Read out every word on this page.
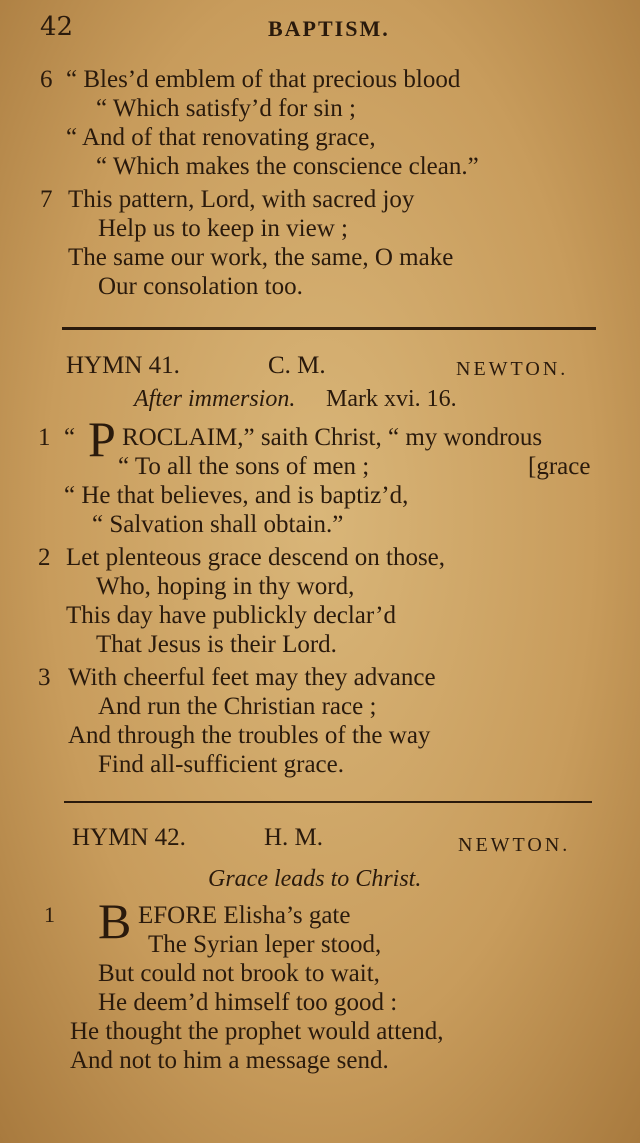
42	BAPTISM.
6 “ Bles’d emblem of that precious blood
“ Which satisfy’d for sin ;
“ And of that renovating grace,
“ Which makes the conscience clean.”
7 This pattern, Lord, with sacred joy
Help us to keep in view ;
The same our work, the same, O make
Our consolation too.
HYMN 41.	C. M.	NEWTON.
After immersion. Mark xvi. 16.
1 “ P ROCLAIM,” saith Christ, “ my wondrous
“ To all the sons of men ;	[grace
“ He that believes, and is baptiz’d,
“ Salvation shall obtain.”
2 Let plenteous grace descend on those,
Who, hoping in thy word,
This day have publickly declar’d
That Jesus is their Lord.
3 With cheerful feet may they advance
And run the Christian race ;
And through the troubles of the way
Find all-sufficient grace.
HYMN 42.	H. M.	NEWTON.
Grace leads to Christ.
1 B EFORE Elisha’s gate
The Syrian leper stood,
But could not brook to wait,
He deem’d himself too good :
He thought the prophet would attend,
And not to him a message send.
